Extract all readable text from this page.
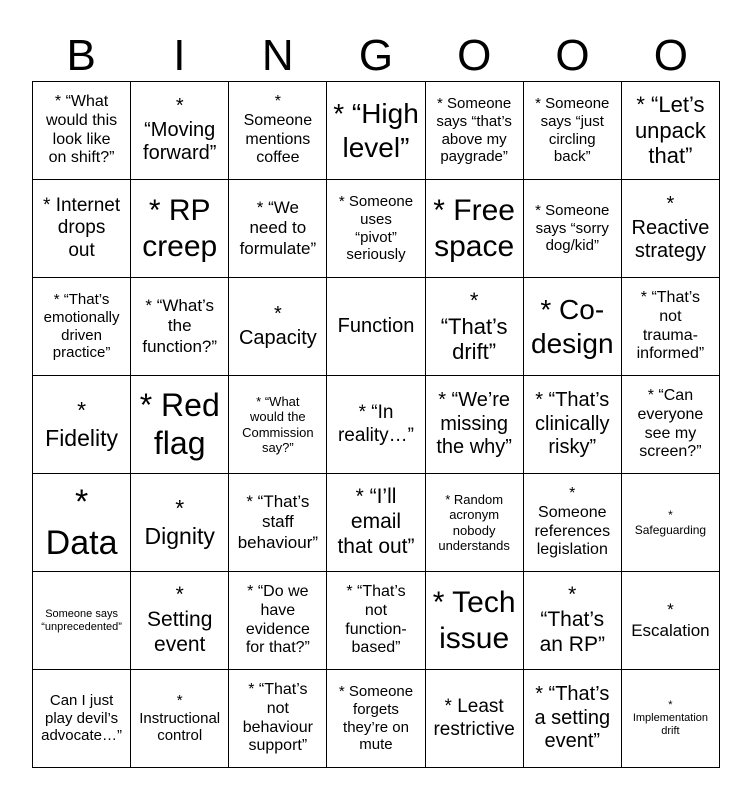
B	I	N	G	O	O	O
* “What
would this
look like
on shift?”
*
“Moving
forward”
*
Someone
mentions
coffee
* “High
level”
* Someone
says “that’s
above my
paygrade”
* Someone
says “just
circling
back”
* “Let’s
unpack
that”
* Internet
drops
out
* RP
creep
* “We
need to
formulate”
* Someone
uses
“pivot”
seriously
* Free
space
* Someone
says “sorry
dog/kid”
*
Reactive
strategy
* “That’s
emotionally
driven
practice”
* “What’s
the
function?”
*
Capacity
Function
*
“That’s
drift”
* Co-
design
* “That’s
not
trauma-
informed”
*
Fidelity
* Red
flag
* “What
would the
Commission
say?”
* “In
reality…”
* “We’re
missing
the why”
* “That’s
clinically
risky”
* “Can
everyone
see my
screen?”
*
Data
*
Dignity
* “That’s
staff
behaviour”
* “I’ll
email
that out”
* Random
acronym
nobody
understands
*
Someone
references
legislation
*
Safeguarding
Someone says
“unprecedented”
*
Setting
event
* “Do we
have
evidence
for that?”
* “That’s
not
function-
based”
* Tech
issue
*
“That’s
an RP”
*
Escalation
Can I just
play devil’s
advocate…”
*
Instructional
control
* “That’s
not
behaviour
support”
* Someone
forgets
they’re on
mute
* Least
restrictive
* “That’s
a setting
event”
*
Implementation
drift
